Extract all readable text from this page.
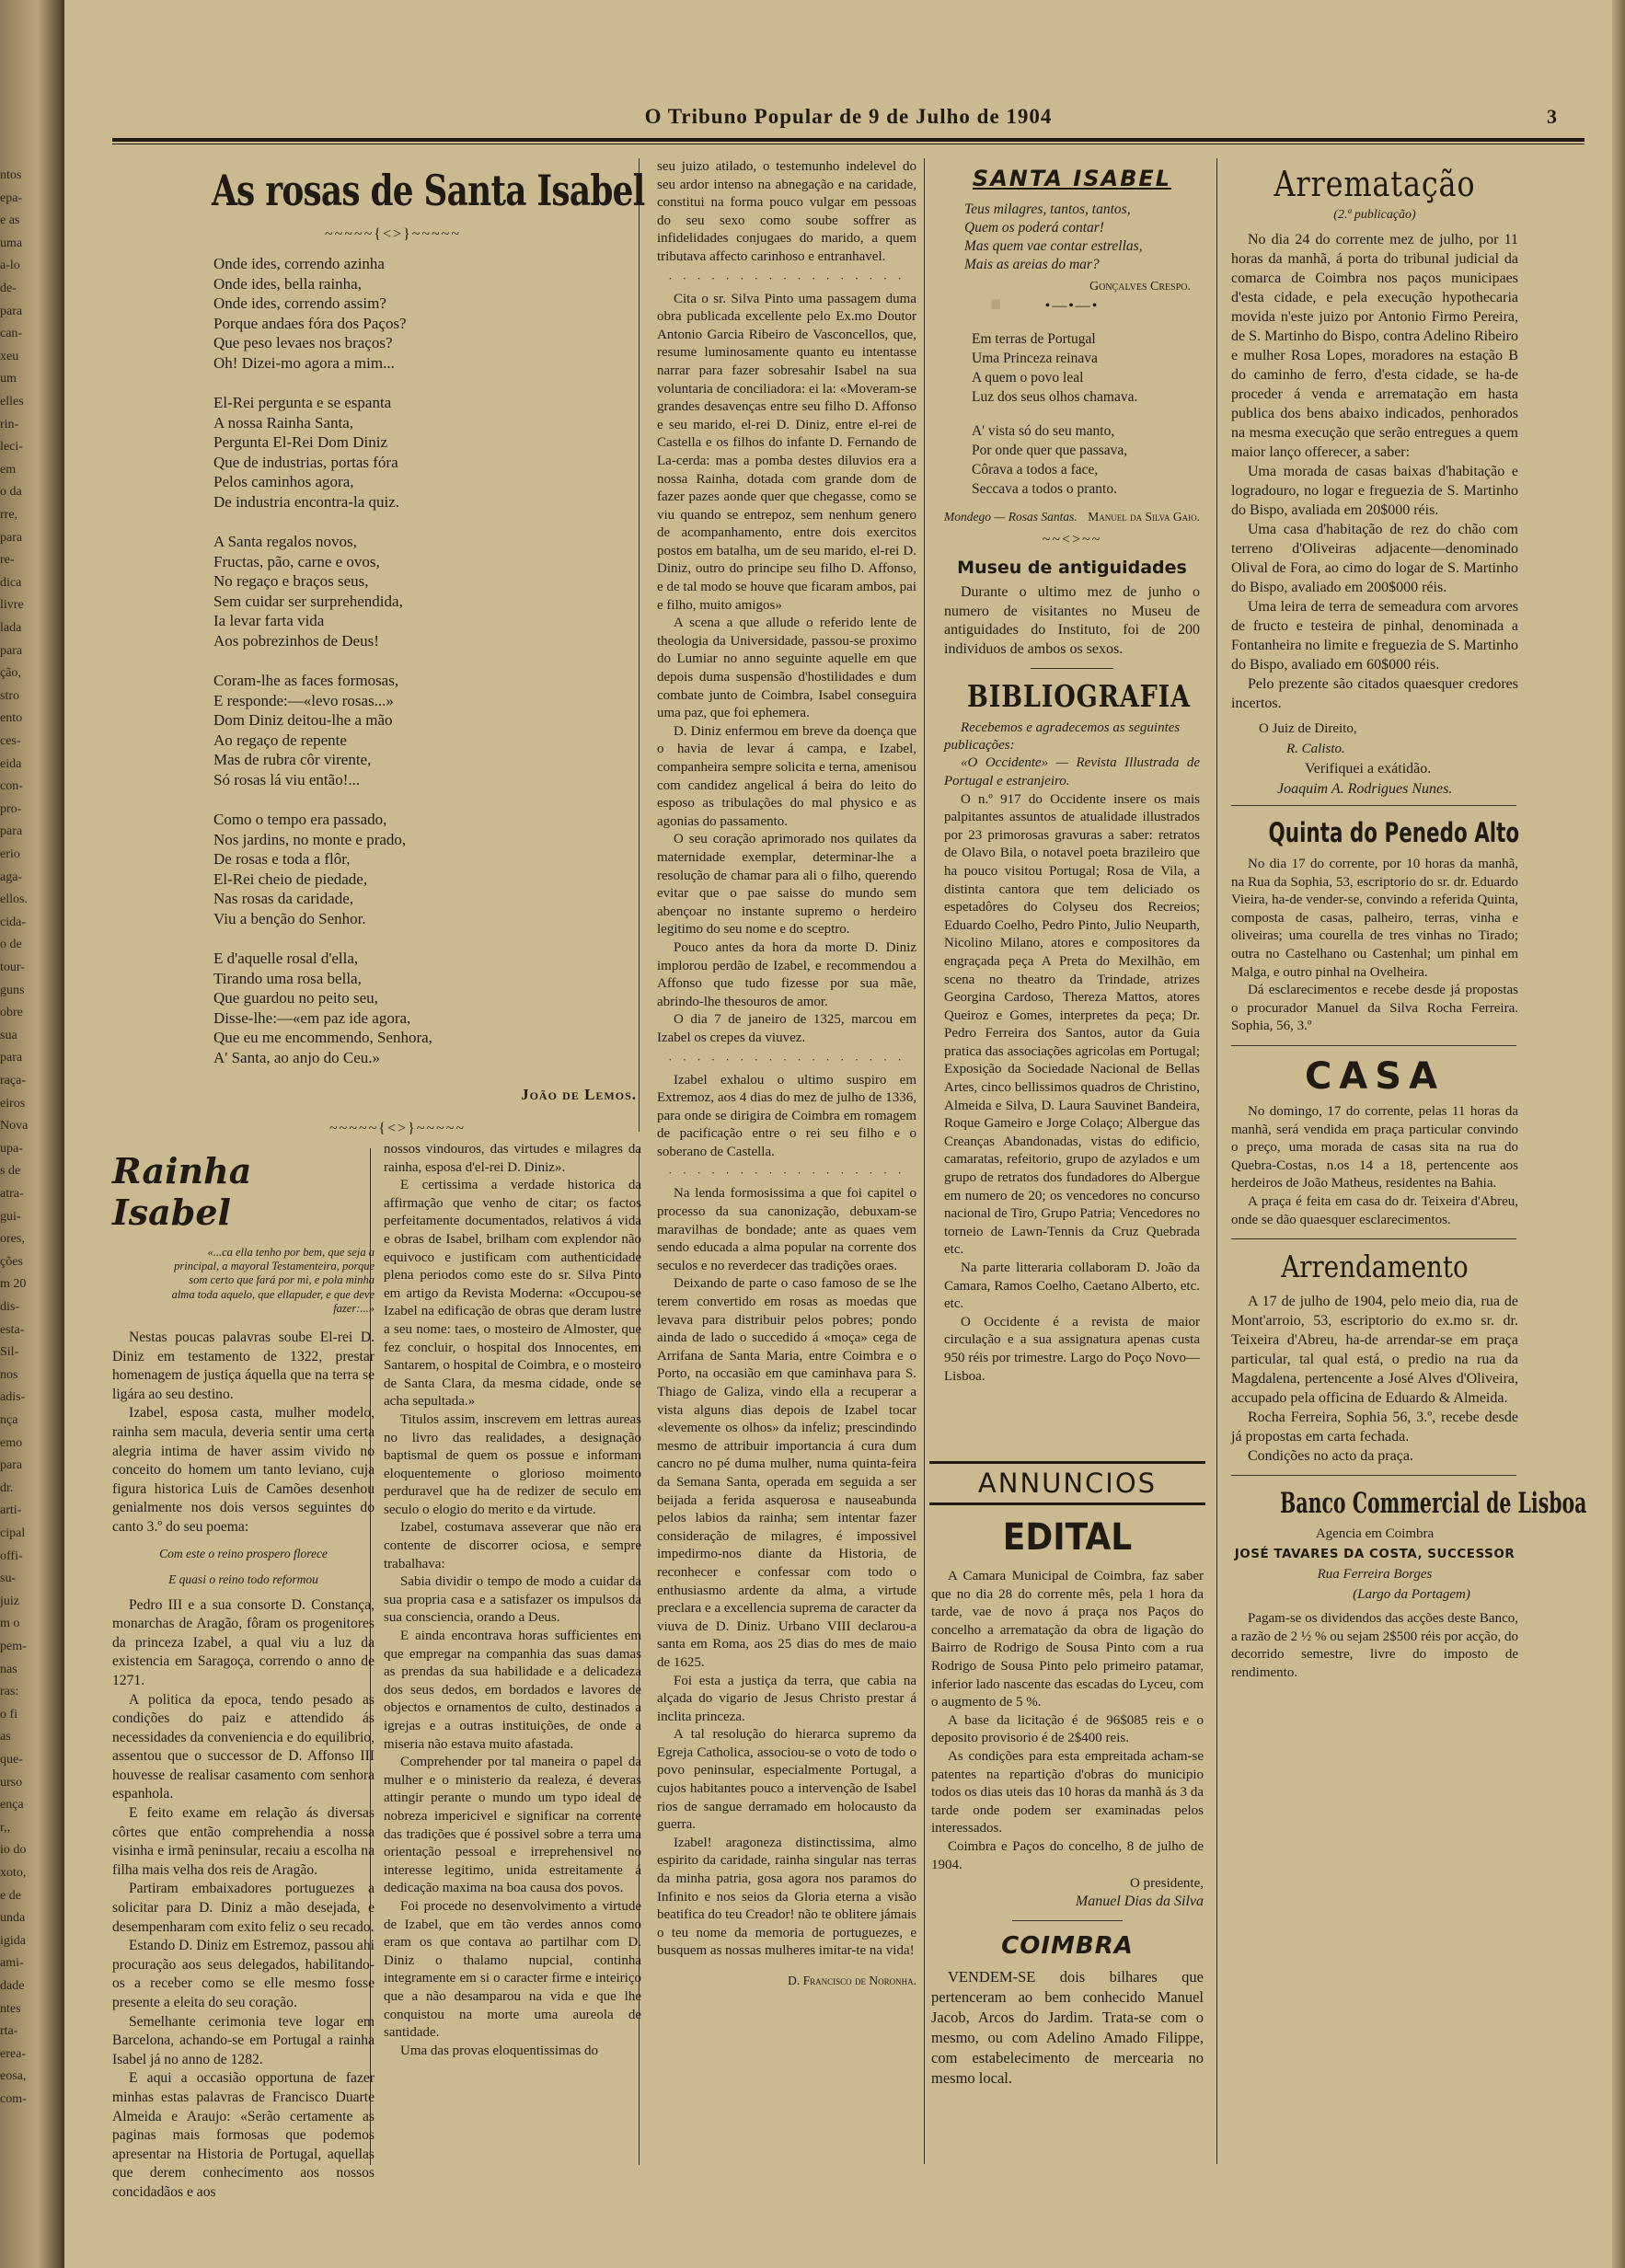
ntos
epa-
e as
uma
a-lo
de-
para
can-
xeu
um
elles
rin-
leci-
em
o da
rre,
para
re-
dica
livre
lada
para
ção,
stro
ento
ces-
eida
con-
pro-
para
erio
aga-
ellos.
cida-
o de
tour-
guns
obre
sua
para
raça-
eiros
Nova
upa-
s de
atra-
gui-
ores,
ções
m 20
dis-
esta-
Sil-
nos
adis-
nça
emo
para
dr.
arti-
cipal
offi-
su-
juiz
m o
pem-
nas
ras:
o fi
as
que-
urso
ença
r,,
io do
xoto,
e de
unda
igida
ami-
dade
ntes
rta-
erea-
eosa,
com-
·
O Tribuno Popular de 9 de Julho de 1904	3
As rosas de Santa Isabel
~~~~~{<>}~~~~~
Onde ides, correndo azinha
Onde ides, bella rainha,
Onde ides, correndo assim?
Porque andaes fóra dos Paços?
Que peso levaes nos braços?
Oh! Dizei-mo agora a mim...
El-Rei pergunta e se espanta
A nossa Rainha Santa,
Pergunta El-Rei Dom Diniz
Que de industrias, portas fóra
Pelos caminhos agora,
De industria encontra-la quiz.
A Santa regalos novos,
Fructas, pão, carne e ovos,
No regaço e braços seus,
Sem cuidar ser surprehendida,
Ia levar farta vida
Aos pobrezinhos de Deus!
Coram-lhe as faces formosas,
E responde:—«levo rosas...»
Dom Diniz deitou-lhe a mão
Ao regaço de repente
Mas de rubra côr virente,
Só rosas lá viu então!...
Como o tempo era passado,
Nos jardins, no monte e prado,
De rosas e toda a flôr,
El-Rei cheio de piedade,
Nas rosas da caridade,
Viu a benção do Senhor.
E d'aquelle rosal d'ella,
Tirando uma rosa bella,
Que guardou no peito seu,
Disse-lhe:—«em paz ide agora,
Que eu me encommendo, Senhora,
A' Santa, ao anjo do Ceu.»
João de Lemos.
~~~~~{<>}~~~~~
Rainha Isabel
«...ca ella tenho por bem, que seja a principal, a mayoral Testamenteira, porque som certo que fará por mi, e pola minha alma toda aquelo, que ellapuder, e que deve fazer:...»

Nestas poucas palavras soube El-rei D. Diniz em testamento de 1322, prestar homenagem de justiça áquella que na terra se ligára ao seu destino.

Izabel, esposa casta, mulher modelo, rainha sem macula, deveria sentir uma certa alegria intima de haver assim vivido no conceito do homem um tanto leviano, cuja figura historica Luis de Camões desenhou genialmente nos dois versos seguintes do canto 3.º do seu poema:

Com este o reino prospero florece

E quasi o reino todo reformou

Pedro III e a sua consorte D. Constança, monarchas de Aragão, fôram os progenitores da princeza Izabel, a qual viu a luz da existencia em Saragoça, correndo o anno de 1271.

A politica da epoca, tendo pesado as condições do paiz e attendido ás necessidades da conveniencia e do equilibrio, assentou que o successor de D. Affonso III houvesse de realisar casamento com senhora espanhola.

E feito exame em relação ás diversas côrtes que então comprehendia a nossa visinha e irmã peninsular, recaiu a escolha na filha mais velha dos reis de Aragão.

Partiram embaixadores portuguezes a solicitar para D. Diniz a mão desejada, e desempenharam com exito feliz o seu recado.

Estando D. Diniz em Estremoz, passou ahi procuração aos seus delegados, habilitando-os a receber como se elle mesmo fosse presente a eleita do seu coração.

Semelhante cerimonia teve logar em Barcelona, achando-se em Portugal a rainha Isabel já no anno de 1282.

E aqui a occasião opportuna de fazer minhas estas palavras de Francisco Duarte Almeida e Araujo: «Serão certamente as paginas mais formosas que podemos apresentar na Historia de Portugal, aquellas que derem conhecimento aos nossos concidadãos e aos

nossos vindouros, das virtudes e milagres da rainha, esposa d'el-rei D. Diniz».

E certissima a verdade historica da affirmação que venho de citar; os factos perfeitamente documentados, relativos á vida e obras de Isabel, brilham com explendor não equivoco e justificam com authenticidade plena periodos como este do sr. Silva Pinto em artigo da Revista Moderna: «Occupou-se Izabel na edificação de obras que deram lustre a seu nome: taes, o mosteiro de Almoster, que fez concluir, o hospital dos Innocentes, em Santarem, o hospital de Coimbra, e o mosteiro de Santa Clara, da mesma cidade, onde se acha sepultada.»

Titulos assim, inscrevem em lettras aureas no livro das realidades, a designação baptismal de quem os possue e informam eloquentemente o glorioso moimento perduravel que ha de redizer de seculo em seculo o elogio do merito e da virtude.

Izabel, costumava asseverar que não era contente de discorrer ociosa, e sempre trabalhava:

Sabia dividir o tempo de modo a cuidar da sua propria casa e a satisfazer os impulsos da sua consciencia, orando a Deus.

E ainda encontrava horas sufficientes em que empregar na companhia das suas damas as prendas da sua habilidade e a delicadeza dos seus dedos, em bordados e lavores de objectos e ornamentos de culto, destinados a igrejas e a outras instituições, de onde a miseria não estava muito afastada.

Comprehender por tal maneira o papel da mulher e o ministerio da realeza, é deveras attingir perante o mundo um typo ideal de nobreza impericivel e significar na corrente das tradições que é possivel sobre a terra uma orientação pessoal e irreprehensivel no interesse legitimo, unida estreitamente á dedicação maxima na boa causa dos povos.

Foi procede no desenvolvimento a virtude de Izabel, que em tão verdes annos como eram os que contava ao partilhar com D. Diniz o thalamo nupcial, continha integramente em si o caracter firme e inteiriço que a não desamparou na vida e que lhe conquistou na morte uma aureola de santidade.

Uma das provas eloquentissimas do

seu juizo atilado, o testemunho indelevel do seu ardor intenso na abnegação e na caridade, constitui na forma pouco vulgar em pessoas do seu sexo como soube soffrer as infidelidades conjugaes do marido, a quem tributava affecto carinhoso e entranhavel.

· · · · · · · · · · · · · · · · ·

Cita o sr. Silva Pinto uma passagem duma obra publicada excellente pelo Ex.mo Doutor Antonio Garcia Ribeiro de Vasconcellos, que, resume luminosamente quanto eu intentasse narrar para fazer sobresahir Isabel na sua voluntaria de conciliadora: ei la: «Moveram-se grandes desavenças entre seu filho D. Affonso e seu marido, el-rei D. Diniz, entre el-rei de Castella e os filhos do infante D. Fernando de La-cerda: mas a pomba destes diluvios era a nossa Rainha, dotada com grande dom de fazer pazes aonde quer que chegasse, como se viu quando se entrepoz, sem nenhum genero de acompanhamento, entre dois exercitos postos em batalha, um de seu marido, el-rei D. Diniz, outro do principe seu filho D. Affonso, e de tal modo se houve que ficaram ambos, pai e filho, muito amigos»

A scena a que allude o referido lente de theologia da Universidade, passou-se proximo do Lumiar no anno seguinte aquelle em que depois duma suspensão d'hostilidades e dum combate junto de Coimbra, Isabel conseguira uma paz, que foi ephemera.

D. Diniz enfermou em breve da doença que o havia de levar á campa, e Izabel, companheira sempre solicita e terna, amenisou com candidez angelical á beira do leito do esposo as tribulações do mal physico e as agonias do passamento.

O seu coração aprimorado nos quilates da maternidade exemplar, determinar-lhe a resolução de chamar para ali o filho, querendo evitar que o pae saisse do mundo sem abençoar no instante supremo o herdeiro legitimo do seu nome e do sceptro.

Pouco antes da hora da morte D. Diniz implorou perdão de Izabel, e recommendou a Affonso que tudo fizesse por sua mãe, abrindo-lhe thesouros de amor.

O dia 7 de janeiro de 1325, marcou em Izabel os crepes da viuvez.

· · · · · · · · · · · · · · · · ·

Izabel exhalou o ultimo suspiro em Extremoz, aos 4 dias do mez de julho de 1336, para onde se dirigira de Coimbra em romagem de pacificação entre o rei seu filho e o soberano de Castella.

· · · · · · · · · · · · · · · · ·

Na lenda formosissima a que foi capitel o processo da sua canonização, debuxam-se maravilhas de bondade; ante as quaes vem sendo educada a alma popular na corrente dos seculos e no reverdecer das tradições oraes.

Deixando de parte o caso famoso de se lhe terem convertido em rosas as moedas que levava para distribuir pelos pobres; pondo ainda de lado o succedido á «moça» cega de Arrifana de Santa Maria, entre Coimbra e o Porto, na occasião em que caminhava para S. Thiago de Galiza, vindo ella a recuperar a vista alguns dias depois de Izabel tocar «levemente os olhos» da infeliz; prescindindo mesmo de attribuir importancia á cura dum cancro no pé duma mulher, numa quinta-feira da Semana Santa, operada em seguida a ser beijada a ferida asquerosa e nauseabunda pelos labios da rainha; sem intentar fazer consideração de milagres, é impossivel impedirmo-nos diante da Historia, de reconhecer e confessar com todo o enthusiasmo ardente da alma, a virtude preclara e a excellencia suprema de caracter da viuva de D. Diniz. Urbano VIII declarou-a santa em Roma, aos 25 dias do mes de maio de 1625.

Foi esta a justiça da terra, que cabia na alçada do vigario de Jesus Christo prestar á inclita princeza.

A tal resolução do hierarca supremo da Egreja Catholica, associou-se o voto de todo o povo peninsular, especialmente Portugal, a cujos habitantes pouco a intervenção de Isabel rios de sangue derramado em holocausto da guerra.

Izabel! aragoneza distinctissima, almo espirito da caridade, rainha singular nas terras da minha patria, gosa agora nos paramos do Infinito e nos seios da Gloria eterna a visão beatifica do teu Creador! não te oblitere jámais o teu nome da memoria de portuguezes, e busquem as nossas mulheres imitar-te na vida!

D. Francisco de Noronha.
SANTA ISABEL
Teus milagres, tantos, tantos,
Quem os poderá contar!
Mas quem vae contar estrellas,
Mais as areias do mar?
Gonçalves Crespo.
•—•—•
Em terras de Portugal
Uma Princeza reinava
A quem o povo leal
Luz dos seus olhos chamava.
A' vista só do seu manto,
Por onde quer que passava,
Côrava a todos a face,
Seccava a todos o pranto.
Mondego — Rosas Santas. Manuel da Silva Gaio.
~~<>~~
Museu de antiguidades

Durante o ultimo mez de junho o numero de visitantes no Museu de antiguidades do Instituto, foi de 200 individuos de ambos os sexos.

BIBLIOGRAFIA

Recebemos e agradecemos as seguintes publicações:

«O Occidente» — Revista Illustrada de Portugal e estranjeiro.

O n.º 917 do Occidente insere os mais palpitantes assuntos de atualidade illustrados por 23 primorosas gravuras a saber: retratos de Olavo Bila, o notavel poeta brazileiro que ha pouco visitou Portugal; Rosa de Vila, a distinta cantora que tem deliciado os espetadôres do Colyseu dos Recreios; Eduardo Coelho, Pedro Pinto, Julio Neuparth, Nicolino Milano, atores e compositores da engraçada peça A Preta do Mexilhão, em scena no theatro da Trindade, atrizes Georgina Cardoso, Thereza Mattos, atores Queiroz e Gomes, interpretes da peça; Dr. Pedro Ferreira dos Santos, autor da Guia pratica das associações agricolas em Portugal; Exposição da Sociedade Nacional de Bellas Artes, cinco bellissimos quadros de Christino, Almeida e Silva, D. Laura Sauvinet Bandeira, Roque Gameiro e Jorge Colaço; Albergue das Creanças Abandonadas, vistas do edificio, camaratas, refeitorio, grupo de azylados e um grupo de retratos dos fundadores do Albergue em numero de 20; os vencedores no concurso nacional de Tiro, Grupo Patria; Vencedores no torneio de Lawn-Tennis da Cruz Quebrada etc.

Na parte litteraria collaboram D. João da Camara, Ramos Coelho, Caetano Alberto, etc. etc.

O Occidente é a revista de maior circulação e a sua assignatura apenas custa 950 réis por trimestre. Largo do Poço Novo—Lisboa.

ANNUNCIOS
EDITAL

A Camara Municipal de Coimbra, faz saber que no dia 28 do corrente mês, pela 1 hora da tarde, vae de novo á praça nos Paços do concelho a arrematação da obra de ligação do Bairro de Rodrigo de Sousa Pinto com a rua Rodrigo de Sousa Pinto pelo primeiro patamar, inferior lado nascente das escadas do Lyceu, com o augmento de 5 %.

A base da licitação é de 96$085 reis e o deposito provisorio é de 2$400 reis.

As condições para esta empreitada acham-se patentes na repartição d'obras do municipio todos os dias uteis das 10 horas da manhã ás 3 da tarde onde podem ser examinadas pelos interessados.

Coimbra e Paços do concelho, 8 de julho de 1904.

O presidente,
Manuel Dias da Silva
COIMBRA

VENDEM-SE dois bilhares que pertenceram ao bem conhecido Manuel Jacob, Arcos do Jardim. Trata-se com o mesmo, ou com Adelino Amado Filippe, com estabelecimento de mercearia no mesmo local.

Arrematação
(2.ª publicação)

No dia 24 do corrente mez de julho, por 11 horas da manhã, á porta do tribunal judicial da comarca de Coimbra nos paços municipaes d'esta cidade, e pela execução hypothecaria movida n'este juizo por Antonio Firmo Pereira, de S. Martinho do Bispo, contra Adelino Ribeiro e mulher Rosa Lopes, moradores na estação B do caminho de ferro, d'esta cidade, se ha-de proceder á venda e arrematação em hasta publica dos bens abaixo indicados, penhorados na mesma execução que serão entregues a quem maior lanço offerecer, a saber:

Uma morada de casas baixas d'habitação e logradouro, no logar e freguezia de S. Martinho do Bispo, avaliada em 20$000 réis.

Uma casa d'habitação de rez do chão com terreno d'Oliveiras adjacente—denominado Olival de Fora, ao cimo do logar de S. Martinho do Bispo, avaliado em 200$000 réis.

Uma leira de terra de semeadura com arvores de fructo e testeira de pinhal, denominada a Fontanheira no limite e freguezia de S. Martinho do Bispo, avaliado em 60$000 réis.

Pelo prezente são citados quaesquer credores incertos.

O Juiz de Direito,
R. Calisto.
Verifiquei a exátidão.
Joaquim A. Rodrigues Nunes.
Quinta do Penedo Alto

No dia 17 do corrente, por 10 horas da manhã, na Rua da Sophia, 53, escriptorio do sr. dr. Eduardo Vieira, ha-de vender-se, convindo a referida Quinta, composta de casas, palheiro, terras, vinha e oliveiras; uma courella de tres vinhas no Tirado; outra no Castelhano ou Castenhal; um pinhal em Malga, e outro pinhal na Ovelheira.

Dá esclarecimentos e recebe desde já propostas o procurador Manuel da Silva Rocha Ferreira. Sophia, 56, 3.º

CASA

No domingo, 17 do corrente, pelas 11 horas da manhã, será vendida em praça particular convindo o preço, uma morada de casas sita na rua do Quebra-Costas, n.os 14 a 18, pertencente aos herdeiros de João Matheus, residentes na Bahia.

A praça é feita em casa do dr. Teixeira d'Abreu, onde se dão quaesquer esclarecimentos.

Arrendamento

A 17 de julho de 1904, pelo meio dia, rua de Mont'arroio, 53, escriptorio do ex.mo sr. dr. Teixeira d'Abreu, ha-de arrendar-se em praça particular, tal qual está, o predio na rua da Magdalena, pertencente a José Alves d'Oliveira, accupado pela officina de Eduardo & Almeida.

Rocha Ferreira, Sophia 56, 3.º, recebe desde já propostas em carta fechada.

Condições no acto da praça.

Banco Commercial de Lisboa
Agencia em Coimbra
JOSÉ TAVARES DA COSTA, SUCCESSOR
Rua Ferreira Borges
(Largo da Portagem)

Pagam-se os dividendos das acções deste Banco, a razão de 2 ½ % ou sejam 2$500 réis por acção, do decorrido semestre, livre do imposto de rendimento.
